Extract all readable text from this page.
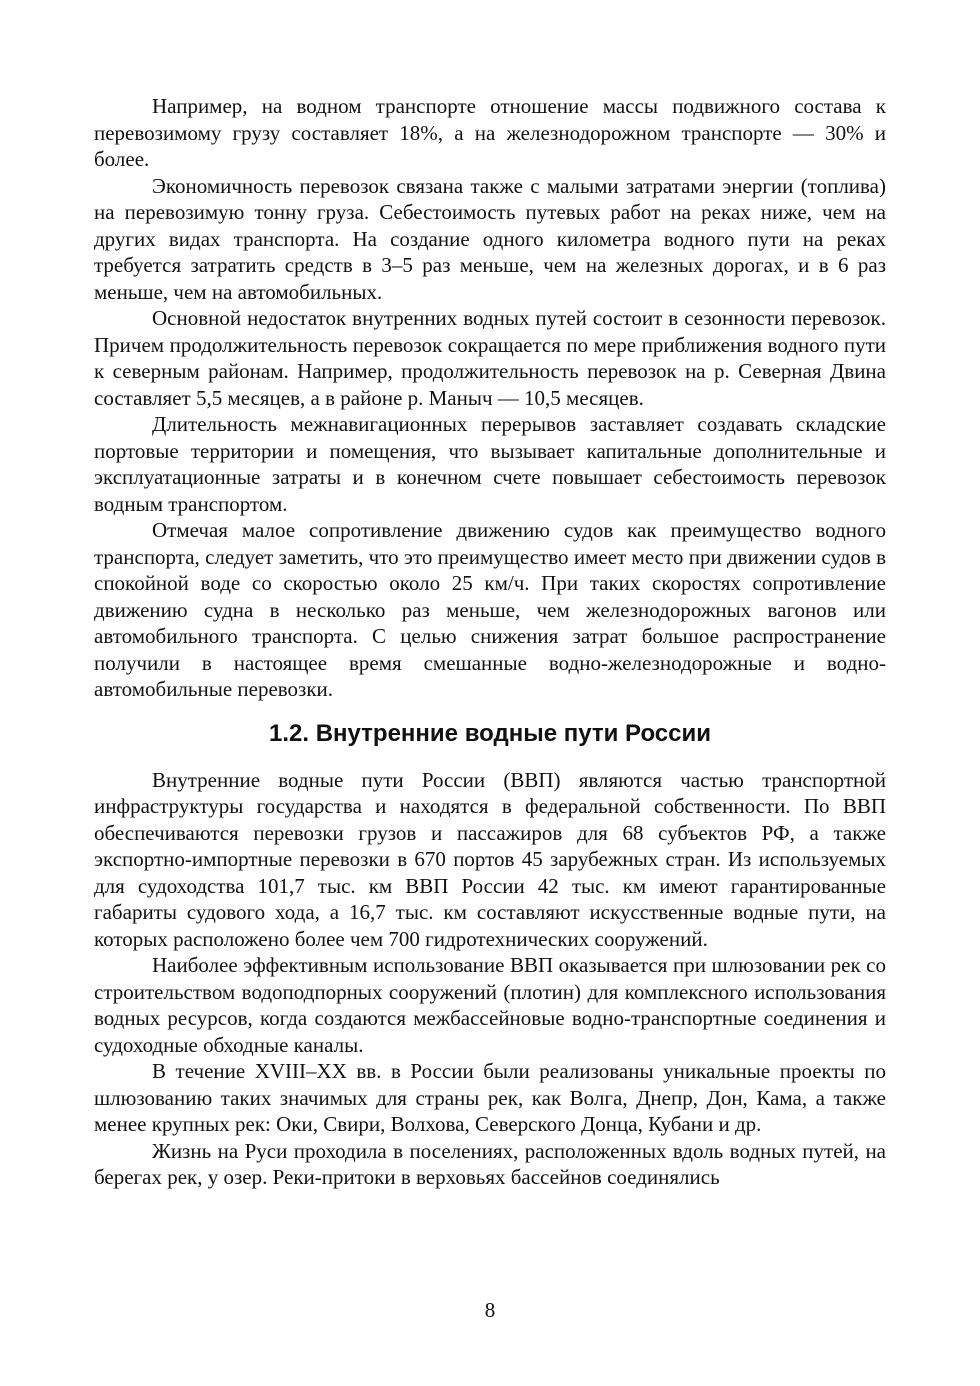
Например, на водном транспорте отношение массы подвижного состава к перевозимому грузу составляет 18%, а на железнодорожном транспорте — 30% и более.

Экономичность перевозок связана также с малыми затратами энергии (топлива) на перевозимую тонну груза. Себестоимость путевых работ на реках ниже, чем на других видах транспорта. На создание одного километра водного пути на реках требуется затратить средств в 3–5 раз меньше, чем на железных дорогах, и в 6 раз меньше, чем на автомобильных.

Основной недостаток внутренних водных путей состоит в сезонности перевозок. Причем продолжительность перевозок сокращается по мере приближения водного пути к северным районам. Например, продолжительность перевозок на р. Северная Двина составляет 5,5 месяцев, а в районе р. Маныч — 10,5 месяцев.

Длительность межнавигационных перерывов заставляет создавать складские портовые территории и помещения, что вызывает капитальные дополнительные и эксплуатационные затраты и в конечном счете повышает себестоимость перевозок водным транспортом.

Отмечая малое сопротивление движению судов как преимущество водного транспорта, следует заметить, что это преимущество имеет место при движении судов в спокойной воде со скоростью около 25 км/ч. При таких скоростях сопротивление движению судна в несколько раз меньше, чем железнодорожных вагонов или автомобильного транспорта. С целью снижения затрат большое распространение получили в настоящее время смешанные водно-железнодорожные и водно-автомобильные перевозки.

1.2. Внутренние водные пути России

Внутренние водные пути России (ВВП) являются частью транспортной инфраструктуры государства и находятся в федеральной собственности. По ВВП обеспечиваются перевозки грузов и пассажиров для 68 субъектов РФ, а также экспортно-импортные перевозки в 670 портов 45 зарубежных стран. Из используемых для судоходства 101,7 тыс. км ВВП России 42 тыс. км имеют гарантированные габариты судового хода, а 16,7 тыс. км составляют искусственные водные пути, на которых расположено более чем 700 гидротехнических сооружений.

Наиболее эффективным использование ВВП оказывается при шлюзовании рек со строительством водоподпорных сооружений (плотин) для комплексного использования водных ресурсов, когда создаются межбассейновые водно-транспортные соединения и судоходные обходные каналы.

В течение XVIII–XX вв. в России были реализованы уникальные проекты по шлюзованию таких значимых для страны рек, как Волга, Днепр, Дон, Кама, а также менее крупных рек: Оки, Свири, Волхова, Северского Донца, Кубани и др.

Жизнь на Руси проходила в поселениях, расположенных вдоль водных путей, на берегах рек, у озер. Реки-притоки в верховьях бассейнов соединялись

8
